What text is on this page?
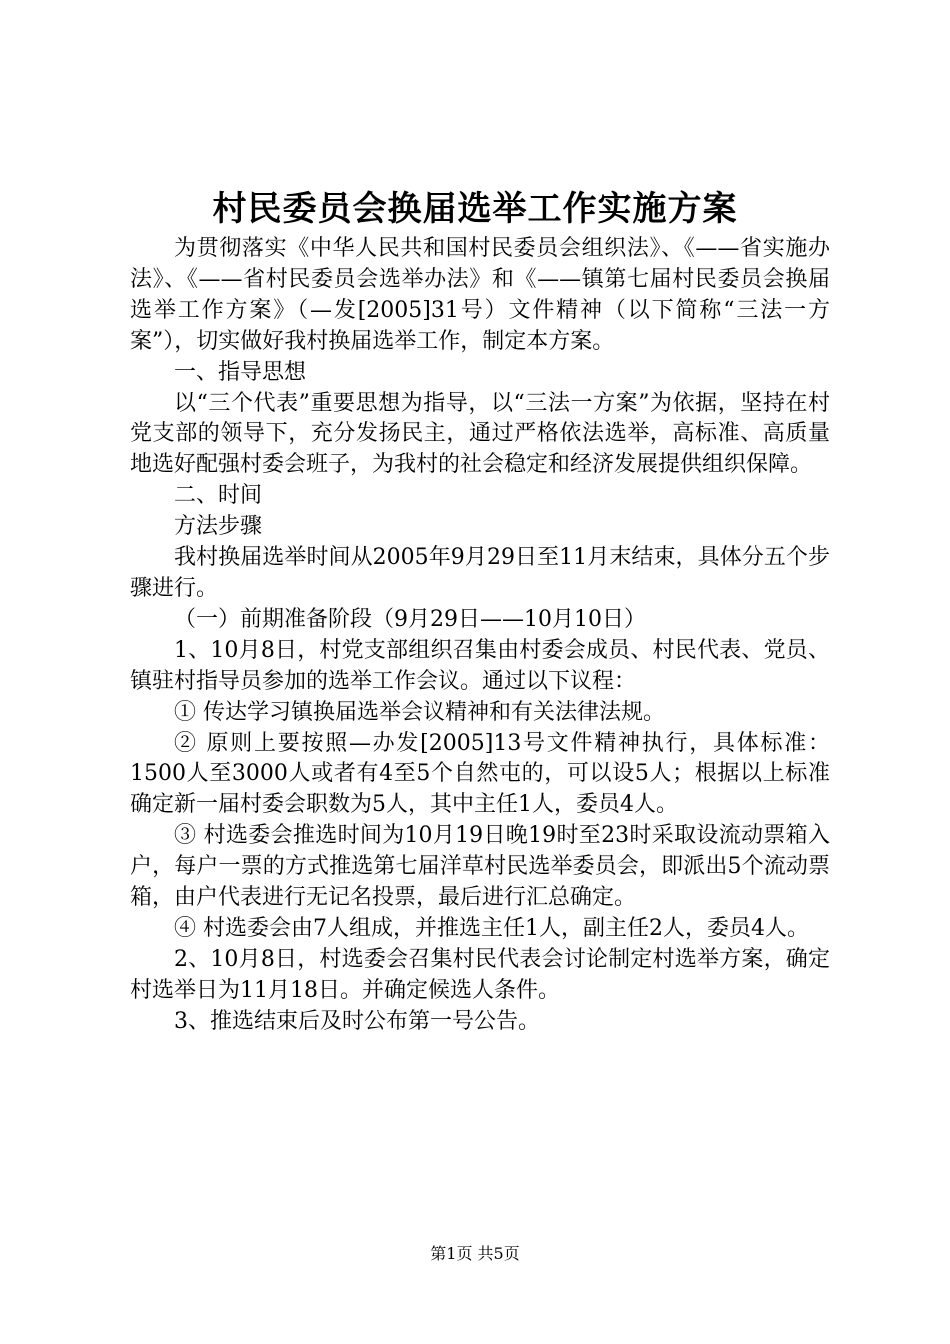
村民委员会换届选举工作实施方案

为贯彻落实《中华人民共和国村民委员会组织法》、《——省实施办法》、《——省村民委员会选举办法》和《——镇第七届村民委员会换届选举工作方案》（—发[2005]31号）文件精神（以下简称“三法一方案”），切实做好我村换届选举工作，制定本方案。

一、指导思想

以“三个代表”重要思想为指导，以“三法一方案”为依据，坚持在村党支部的领导下，充分发扬民主，通过严格依法选举，高标准、高质量地选好配强村委会班子，为我村的社会稳定和经济发展提供组织保障。

二、时间

方法步骤

我村换届选举时间从2005年9月29日至11月末结束，具体分五个步骤进行。

（一）前期准备阶段（9月29日——10月10日）

1、10月8日，村党支部组织召集由村委会成员、村民代表、党员、镇驻村指导员参加的选举工作会议。通过以下议程：

① 传达学习镇换届选举会议精神和有关法律法规。

② 原则上要按照—办发[2005]13号文件精神执行，具体标准：1500人至3000人或者有4至5个自然屯的，可以设5人；根据以上标准确定新一届村委会职数为5人，其中主任1人，委员4人。

③ 村选委会推选时间为10月19日晚19时至23时采取设流动票箱入户，每户一票的方式推选第七届洋草村民选举委员会，即派出5个流动票箱，由户代表进行无记名投票，最后进行汇总确定。

④ 村选委会由7人组成，并推选主任1人，副主任2人，委员4人。

2、10月8日，村选委会召集村民代表会讨论制定村选举方案，确定村选举日为11月18日。并确定候选人条件。

3、推选结束后及时公布第一号公告。

第1页 共5页
